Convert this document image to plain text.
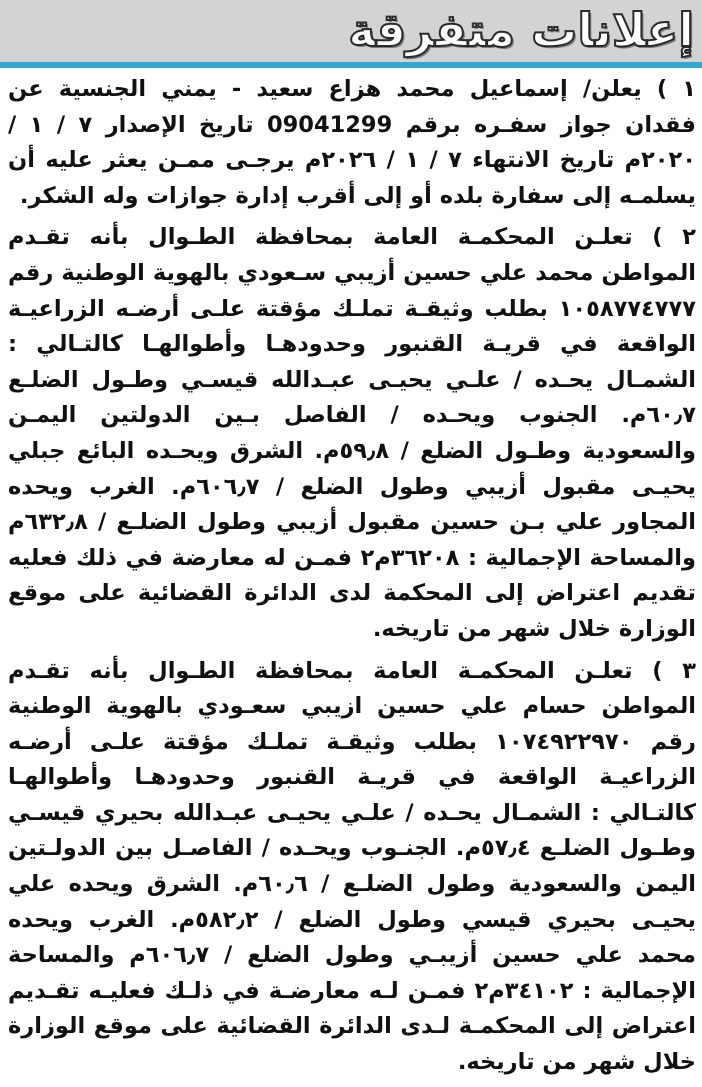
إعلانات متفرقة

١ ) يعلن/ إسماعيل محمد هزاع سعيد - يمني الجنسية عن فقدان جواز سفـره برقم 09041299 تاريخ الإصدار ٧ / ١ / ٢٠٢٠م تاريخ الانتهاء ٧ / ١ / ٢٠٢٦م يرجـى ممـن يعثر عليه أن يسلمـه إلى سفارة بلده أو إلى أقرب إدارة جوازات وله الشكر.

٢ ) تعلـن المحكمـة العامة بمحافظة الطـوال بأنه تقـدم المواطن محمد علي حسين أزيبي سـعودي بالهوية الوطنية رقم ١٠٥٨٧٧٤٧٧٧ بطلب وثيقـة تملـك مؤقتة علـى أرضـه الزراعيـة الواقعة في قريـة القنبور وحدودهـا وأطوالهـا كالتـالي : الشمـال يحـده / علـي يحيـى عبـدالله قيسـي وطـول الضلـع ٦٠٫٧م. الجنوب ويحـده / الفاصل بـين الدولتين اليمـن والسعودية وطـول الضلع / ٥٩٫٨م. الشرق ويحـده البائع جبلي يحيـى مقبول أزيبي وطول الضلع / ٦٠٦٫٧م. الغرب ويحده المجاور علي بـن حسين مقبول أزيبي وطول الضلـع / ٦٣٢٫٨م والمساحة الإجمالية : ٣٦٢٠٨م٢ فمـن له معارضة في ذلك فعليه تقديم اعتراض إلى المحكمة لدى الدائرة القضائية على موقع الوزارة خلال شهر من تاريخه.

٣ ) تعلـن المحكمـة العامة بمحافظة الطـوال بأنه تقـدم المواطن حسام علي حسين ازيبي سعـودي بالهوية الوطنية رقم ١٠٧٤٩٢٢٩٧٠ بطلب وثيقـة تملـك مؤقتة علـى أرضـه الزراعيـة الواقعة في قريـة القنبور وحدودهـا وأطوالهـا كالتـالي : الشمـال يحـده / علـي يحيـى عبـدالله بحيري قيسـي وطـول الضلـع ٥٧٫٤م. الجنـوب ويحـده / الفاصـل بين الدولـتين اليمن والسعودية وطول الضلـع / ٦٠٫٦م. الشرق ويحده علي يحيـى بحيري قيسي وطول الضلع / ٥٨٢٫٢م. الغرب ويحده محمد علي حسين أزيبـي وطول الضلع / ٦٠٦٫٧م والمساحة الإجمالية : ٣٤١٠٢م٢ فمـن لـه معارضـة في ذلـك فعليـه تقـديم اعتراض إلى المحكمـة لـدى الدائرة القضائية على موقع الوزارة خلال شهر من تاريخه.
